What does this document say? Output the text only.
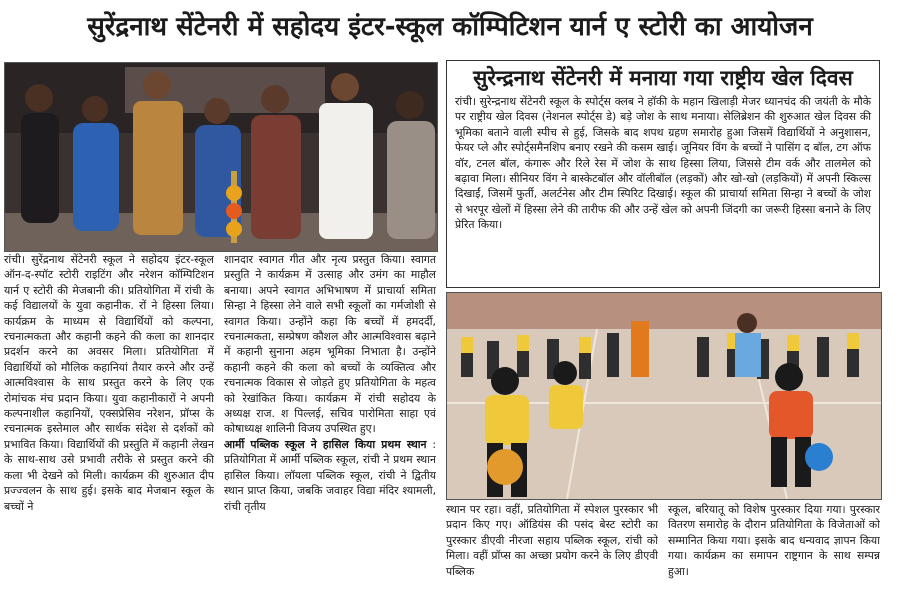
सुरेंद्रनाथ सेंटेनरी में सहोदय इंटर-स्कूल कॉम्पिटिशन यार्न ए स्टोरी का आयोजन
रांची। सुरेंद्रनाथ सेंटेनरी स्कूल ने सहोदय इंटर-स्कूल ऑन-द-स्पॉट स्टोरी राइटिंग और नरेशन कॉम्पिटिशन यार्न ए स्टोरी की मेजबानी की। प्रतियोगिता में रांची के कई विद्यालयों के युवा कहानीक. रों ने हिस्सा लिया। कार्यक्रम के माध्यम से विद्यार्थियों को कल्पना, रचनात्मकता और कहानी कहने की कला का शानदार प्रदर्शन करने का अवसर मिला। प्रतियोगिता में विद्यार्थियों को मौलिक कहानियां तैयार करने और उन्हें आत्मविश्वास के साथ प्रस्तुत करने के लिए एक रोमांचक मंच प्रदान किया। युवा कहानीकारों ने अपनी कल्पनाशील कहानियों, एक्सप्रेसिव नरेशन, प्रॉप्स के रचनात्मक इस्तेमाल और सार्थक संदेश से दर्शकों को प्रभावित किया। विद्यार्थियों की प्रस्तुति में कहानी लेखन के साथ-साथ उसे प्रभावी तरीके से प्रस्तुत करने की कला भी देखने को मिली। कार्यक्रम की शुरुआत दीप प्रज्ज्वलन के साथ हुई। इसके बाद मेजबान स्कूल के बच्चों ने
शानदार स्वागत गीत और नृत्य प्रस्तुत किया। स्वागत प्रस्तुति ने कार्यक्रम में उत्साह और उमंग का माहौल बनाया। अपने स्वागत अभिभाषण में प्राचार्या समिता सिन्हा ने हिस्सा लेने वाले सभी स्कूलों का गर्मजोशी से स्वागत किया। उन्होंने कहा कि बच्चों में हमदर्दी, रचनात्मकता, सम्प्रेषण कौशल और आत्मविश्वास बढ़ाने में कहानी सुनाना अहम भूमिका निभाता है। उन्होंने कहानी कहने की कला को बच्चों के व्यक्तित्व और रचनात्मक विकास से जोड़ते हुए प्रतियोगिता के महत्व को रेखांकित किया। कार्यक्रम में रांची सहोदय के अध्यक्ष राज. श पिल्लई, सचिव पारोमिता साहा एवं कोषाध्यक्ष शालिनी विजय उपस्थित हुए।
आर्मी पब्लिक स्कूल ने हासिल किया प्रथम स्थान : प्रतियोगिता में आर्मी पब्लिक स्कूल, रांची ने प्रथम स्थान हासिल किया। लॉयला पब्लिक स्कूल, रांची ने द्वितीय स्थान प्राप्त किया, जबकि जवाहर विद्या मंदिर श्यामली, रांची तृतीय
सुरेन्द्रनाथ सेंटेनरी में मनाया गया राष्ट्रीय खेल दिवस
रांची। सुरेन्द्रनाथ सेंटेनरी स्कूल के स्पोर्ट्स क्लब ने हॉकी के महान खिलाड़ी मेजर ध्यानचंद की जयंती के मौके पर राष्ट्रीय खेल दिवस (नेशनल स्पोर्ट्स डे) बड़े जोश के साथ मनाया। सेलिब्रेशन की शुरुआत खेल दिवस की भूमिका बताने वाली स्पीच से हुई, जिसके बाद शपथ ग्रहण समारोह हुआ जिसमें विद्यार्थियों ने अनुशासन, फेयर प्ले और स्पोर्ट्समैनशिप बनाए रखने की कसम खाई। जूनियर विंग के बच्चों ने पासिंग द बॉल, टग ऑफ वॉर, टनल बॉल, कंगारू और रिले रेस में जोश के साथ हिस्सा लिया, जिससे टीम वर्क और तालमेल को बढ़ावा मिला। सीनियर विंग ने बास्केटबॉल और वॉलीबॉल (लड़कों) और खो-खो (लड़कियों) में अपनी स्किल्स दिखाईं, जिसमें फुर्ती, अलर्टनेस और टीम स्पिरिट दिखाई। स्कूल की प्राचार्या समिता सिन्हा ने बच्चों के जोश से भरपूर खेलों में हिस्सा लेने की तारीफ की और उन्हें खेल को अपनी जिंदगी का जरूरी हिस्सा बनाने के लिए प्रेरित किया।
स्थान पर रहा। वहीं, प्रतियोगिता में स्पेशल पुरस्कार भी प्रदान किए गए। ऑडियंस की पसंद बेस्ट स्टोरी का पुरस्कार डीएवी नीरजा सहाय पब्लिक स्कूल, रांची को मिला। वहीं प्रॉप्स का अच्छा प्रयोग करने के लिए डीएवी पब्लिक
स्कूल, बरियातू को विशेष पुरस्कार दिया गया। पुरस्कार वितरण समारोह के दौरान प्रतियोगिता के विजेताओं को सम्मानित किया गया। इसके बाद धन्यवाद ज्ञापन किया गया। कार्यक्रम का समापन राष्ट्रगान के साथ सम्पन्न हुआ।
